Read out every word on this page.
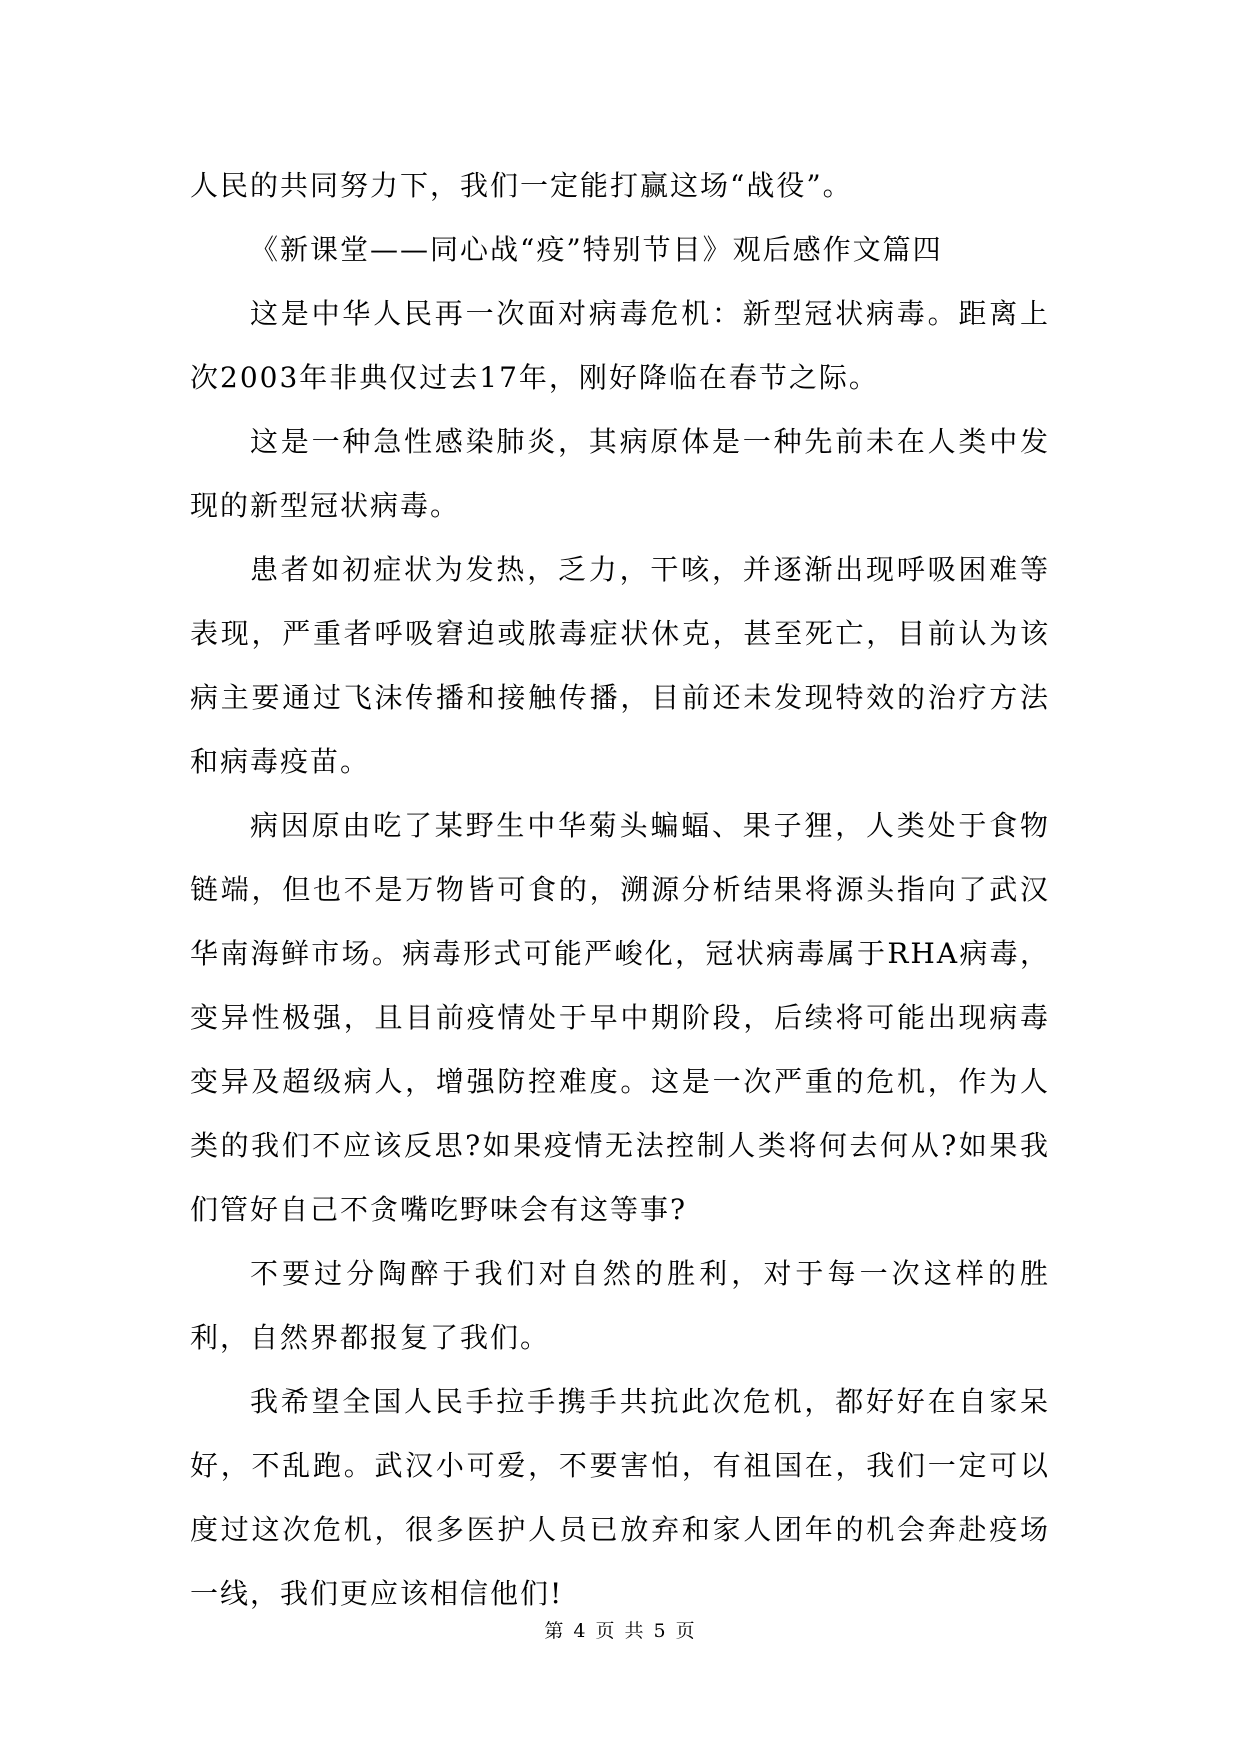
人民的共同努力下，我们一定能打赢这场“战役”。

《新课堂——同心战“疫”特别节目》观后感作文篇四

这是中华人民再一次面对病毒危机：新型冠状病毒。距离上次2003年非典仅过去17年，刚好降临在春节之际。

这是一种急性感染肺炎，其病原体是一种先前未在人类中发现的新型冠状病毒。

患者如初症状为发热，乏力，干咳，并逐渐出现呼吸困难等表现，严重者呼吸窘迫或脓毒症状休克，甚至死亡，目前认为该病主要通过飞沫传播和接触传播，目前还未发现特效的治疗方法和病毒疫苗。

病因原由吃了某野生中华菊头蝙蝠、果子狸，人类处于食物链端，但也不是万物皆可食的，溯源分析结果将源头指向了武汉华南海鲜市场。病毒形式可能严峻化，冠状病毒属于RHA病毒，变异性极强，且目前疫情处于早中期阶段，后续将可能出现病毒变异及超级病人，增强防控难度。这是一次严重的危机，作为人类的我们不应该反思?如果疫情无法控制人类将何去何从?如果我们管好自己不贪嘴吃野味会有这等事?

不要过分陶醉于我们对自然的胜利，对于每一次这样的胜利，自然界都报复了我们。

我希望全国人民手拉手携手共抗此次危机，都好好在自家呆好，不乱跑。武汉小可爱，不要害怕，有祖国在，我们一定可以度过这次危机，很多医护人员已放弃和家人团年的机会奔赴疫场一线，我们更应该相信他们!

第 4 页 共 5 页
